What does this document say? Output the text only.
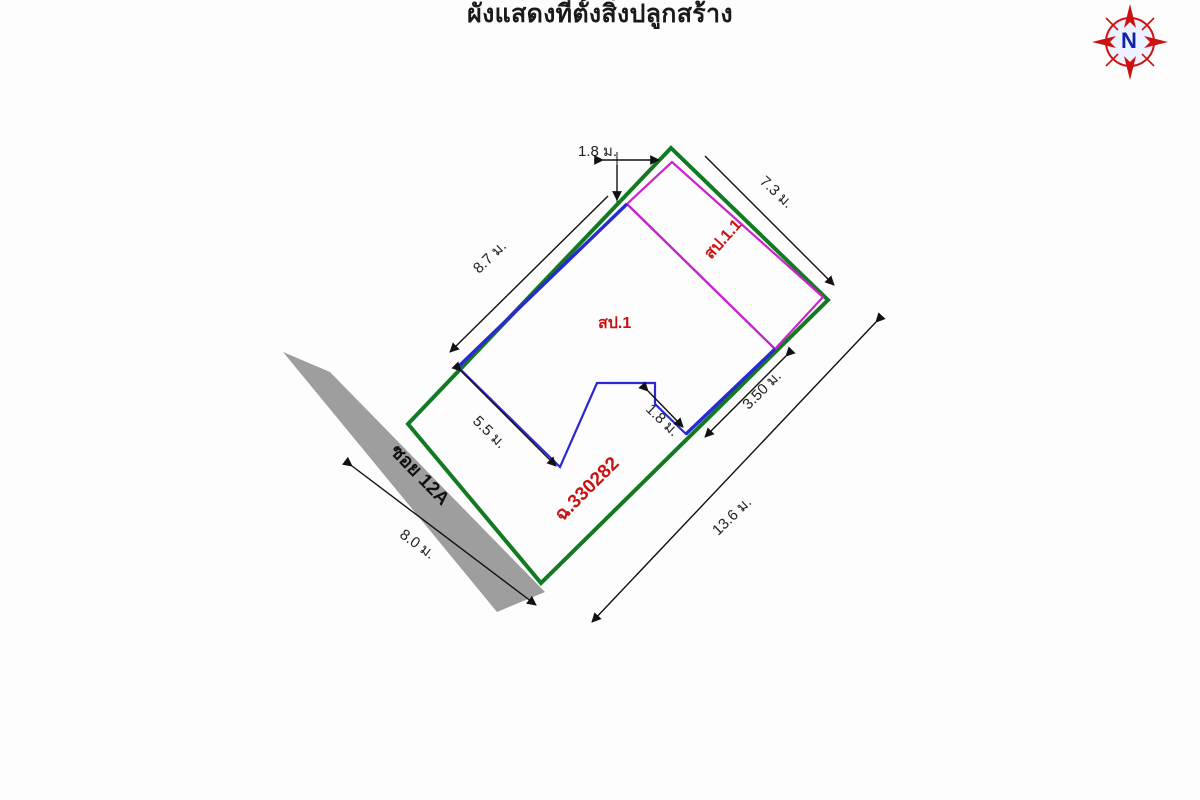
ผังแสดงที่ตั้งสิ่งปลูกสร้าง
N
1.8 ม.
7.3 ม.
8.7 ม.
5.5 ม.	1.8 ม.
3.50 ม.
13.6 ม.
8.0 ม.
สป.1
สป.1.1
ฉ.330282
ซอย 12A
